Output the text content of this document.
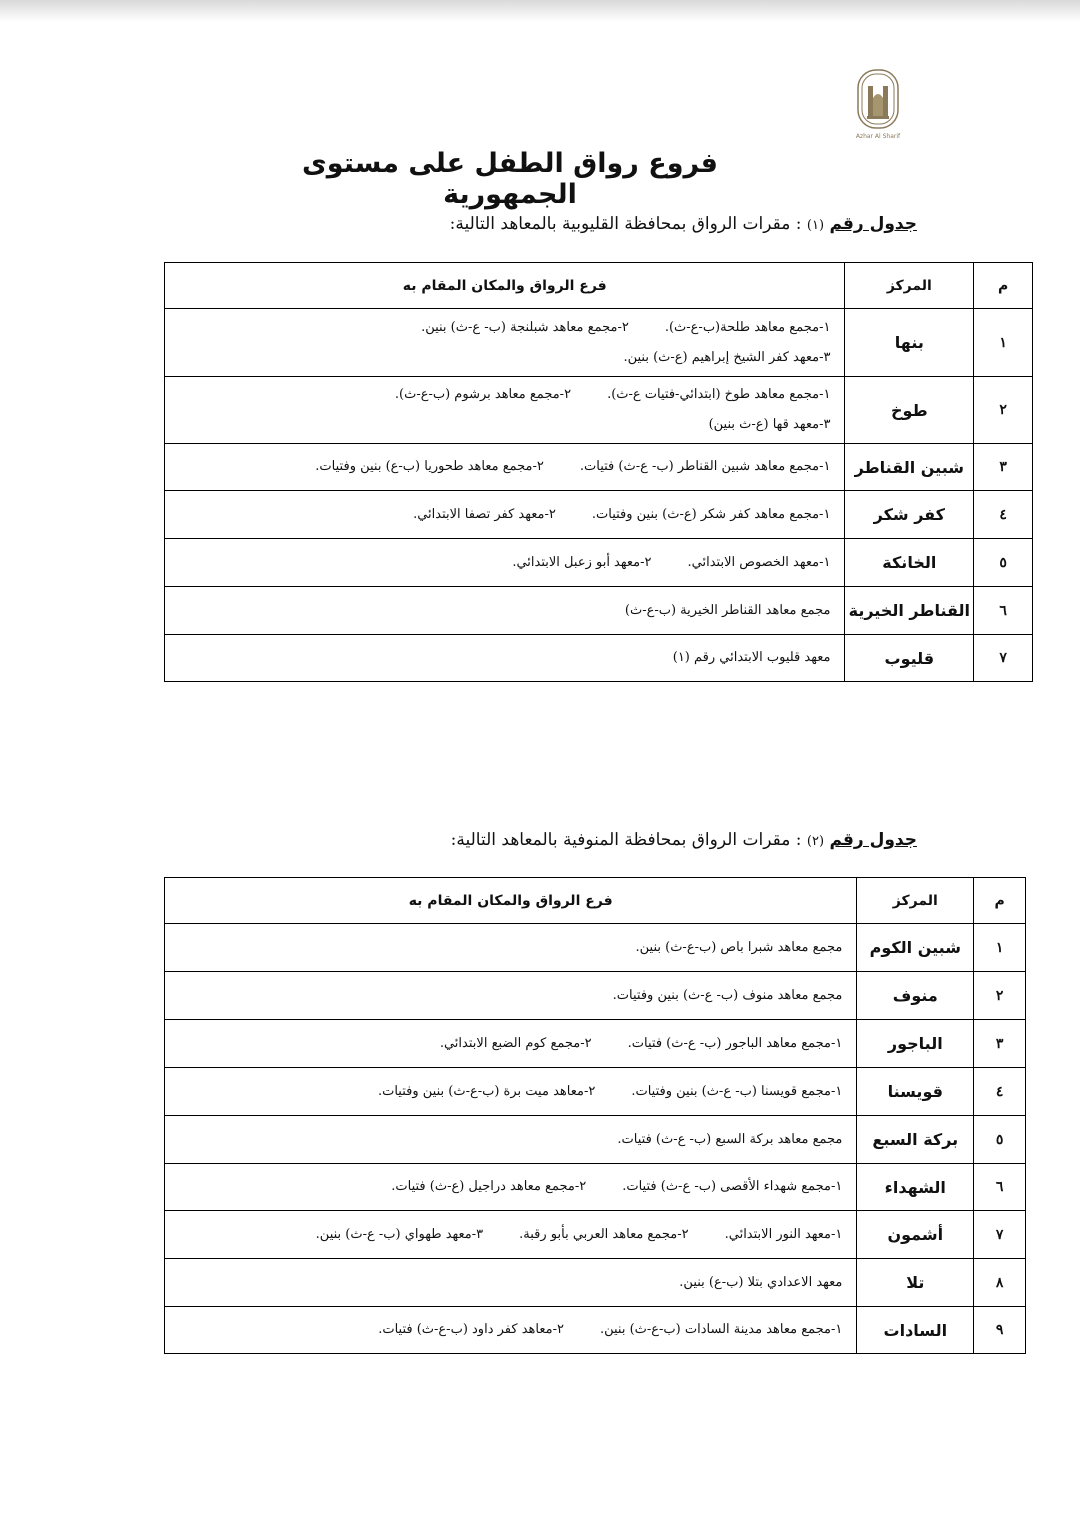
Azhar Al Sharif
فروع رواق الطفل على مستوى الجمهورية
جدول رقم (١) : مقرات الرواق بمحافظة القليوبية بالمعاهد التالية:
م	المركز	فرع الرواق والمكان المقام به
١	بنها	١-مجمع معاهد طلحة(ب-ع-ث).٢-مجمع معاهد شبلنجة (ب- ع-ث) بنين.
٣-معهد كفر الشيخ إبراهيم (ع-ث) بنين.

٢	طوخ	١-مجمع معاهد طوخ (ابتدائي-فتيات ع-ث).٢-مجمع معاهد برشوم (ب-ع-ث).
٣-معهد قها (ع-ث بنين)

٣	شبين القناطر	١-مجمع معاهد شبين القناطر (ب- ع-ث) فتيات.٢-مجمع معاهد طحوريا (ب-ع) بنين وفتيات.

٤	كفر شكر	١-مجمع معاهد كفر شكر (ع-ث) بنين وفتيات.٢-معهد كفر تصفا الابتدائي.

٥	الخانكة	١-معهد الخصوص الابتدائي.٢-معهد أبو زعبل الابتدائي.

٦	القناطر الخيرية	مجمع معاهد القناطر الخيرية (ب-ع-ث)

٧	قليوب	معهد قليوب الابتدائي رقم (١)
جدول رقم (٢) : مقرات الرواق بمحافظة المنوفية بالمعاهد التالية:
م	المركز	فرع الرواق والمكان المقام به
١	شبين الكوم	مجمع معاهد شبرا باص (ب-ع-ث) بنين.

٢	منوف	مجمع معاهد منوف (ب- ع-ث) بنين وفتيات.

٣	الباجور	١-مجمع معاهد الباجور (ب- ع-ث) فتيات.٢-مجمع كوم الضبع الابتدائي.

٤	قويسنا	١-مجمع قويسنا (ب- ع-ث) بنين وفتيات.٢-معاهد ميت برة (ب-ع-ث) بنين وفتيات.

٥	بركة السبع	مجمع معاهد بركة السبع (ب- ع-ث) فتيات.

٦	الشهداء	١-مجمع شهداء الأقصى (ب- ع-ث) فتيات.٢-مجمع معاهد دراجيل (ع-ث) فتيات.

٧	أشمون	١-معهد النور الابتدائي.٢-مجمع معاهد العربي بأبو رقبة.٣-معهد طهواي (ب- ع-ث) بنين.

٨	تلا	معهد الاعدادي بتلا (ب-ع) بنين.

٩	السادات	١-مجمع معاهد مدينة السادات (ب-ع-ث) بنين.٢-معاهد كفر داود (ب-ع-ث) فتيات.
